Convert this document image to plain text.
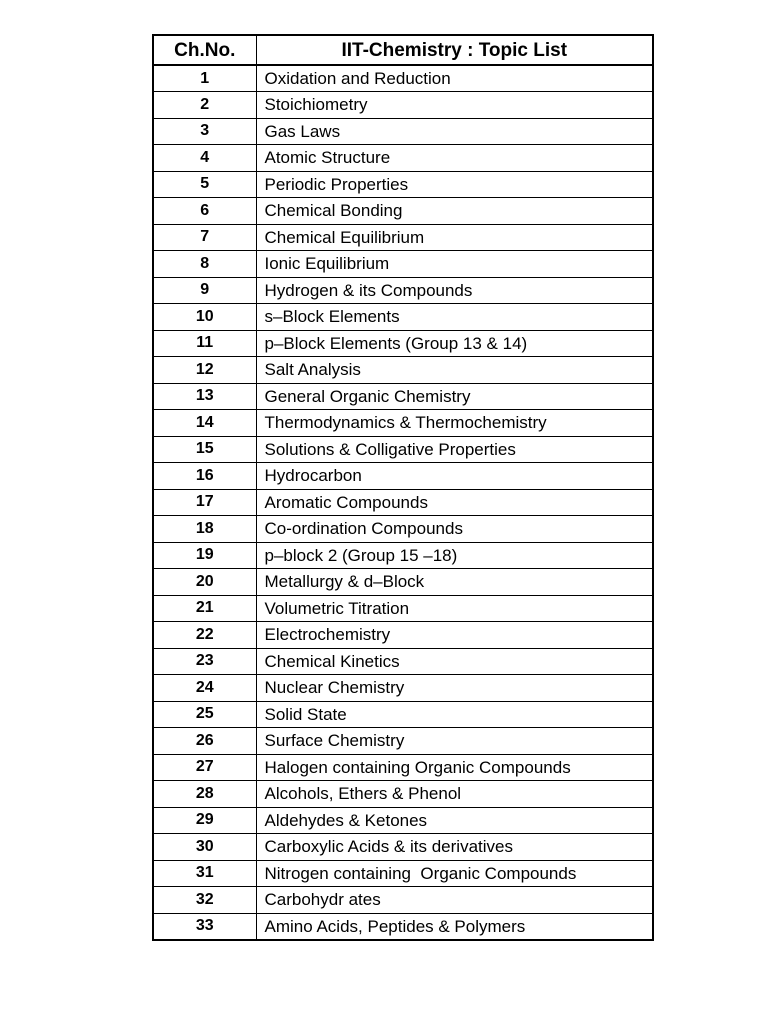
Ch.No.	IIT-Chemistry : Topic List
1	Oxidation and Reduction
2	Stoichiometry
3	Gas Laws
4	Atomic Structure
5	Periodic Properties
6	Chemical Bonding
7	Chemical Equilibrium
8	Ionic Equilibrium
9	Hydrogen & its Compounds
10	s–Block Elements
11	p–Block Elements (Group 13 & 14)
12	Salt Analysis
13	General Organic Chemistry
14	Thermodynamics & Thermochemistry
15	Solutions & Colligative Properties
16	Hydrocarbon
17	Aromatic Compounds
18	Co-ordination Compounds
19	p–block 2 (Group 15 –18)
20	Metallurgy & d–Block
21	Volumetric Titration
22	Electrochemistry
23	Chemical Kinetics
24	Nuclear Chemistry
25	Solid State
26	Surface Chemistry
27	Halogen containing Organic Compounds
28	Alcohols, Ethers & Phenol
29	Aldehydes & Ketones
30	Carboxylic Acids & its derivatives
31	Nitrogen containing  Organic Compounds
32	Carbohydr ates
33	Amino Acids, Peptides & Polymers
